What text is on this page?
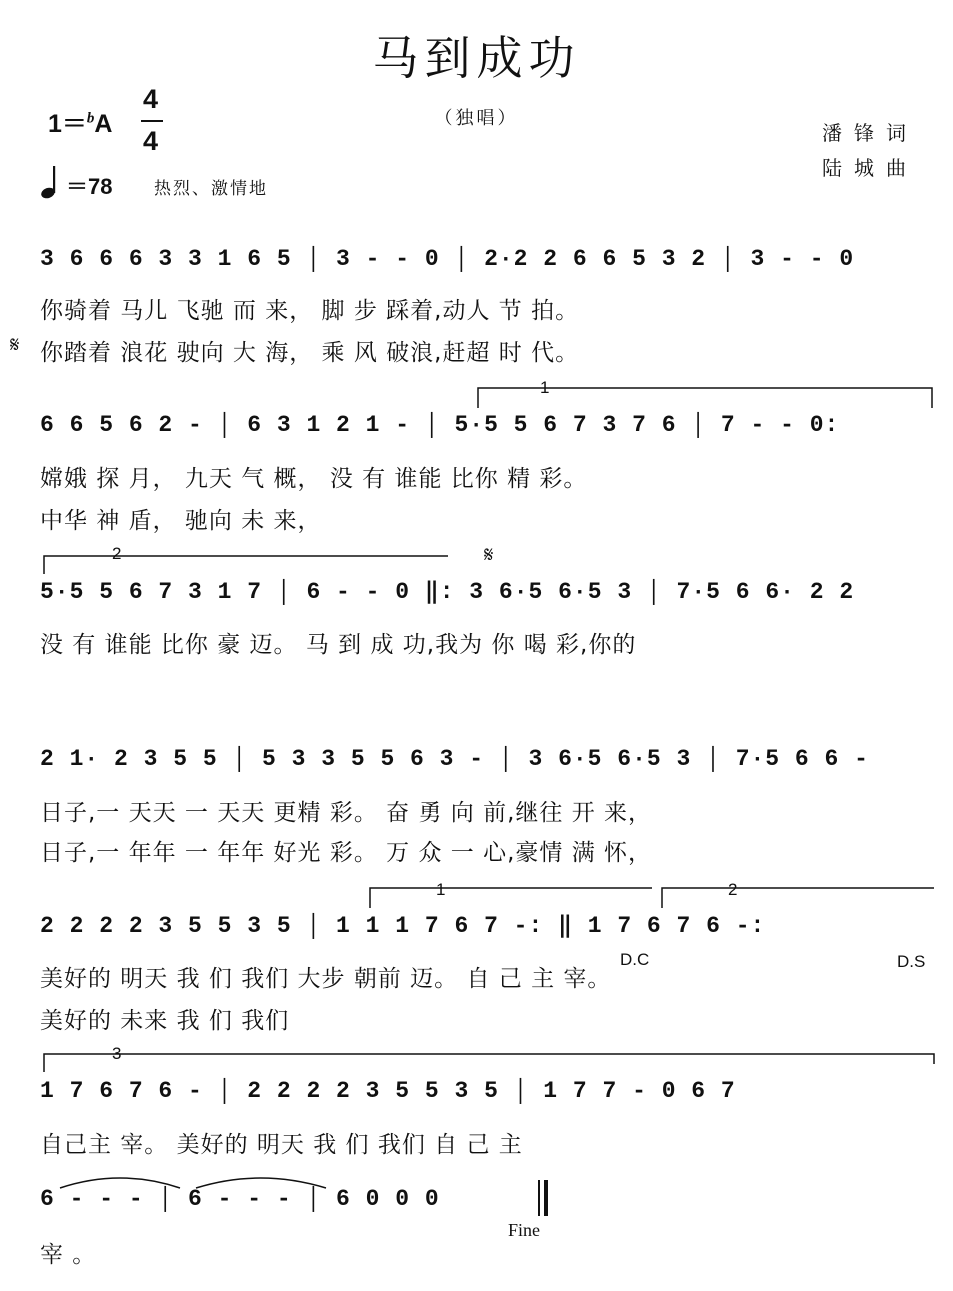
马到成功
1＝$^b$A
4
4
（独唱）
潘锋词
陆城曲
＝78 热烈、激情地
3 6 6 6 3 3 1 6 5 │ 3 - - 0 │ 2·2 2 6 6 5 3 2 │ 3 - - 0
你骑着 马儿 飞驰 而 来， 脚 步 踩着,动人 节 拍。
你踏着 浪花 驶向 大 海， 乘 风 破浪,赶超 时 代。
𝄋
6 6 5 6 2 - │ 6 3 1 2 1 - │ 5·5 5 6 7 3 7 6 │ 7 - - 0:
嫦娥 探 月， 九天 气 概， 没 有 谁能 比你 精 彩。
中华 神 盾， 驰向 未 来，
1
5·5 5 6 7 3 1 7 │ 6 - - 0 ‖: 3 6·5 6·5 3 │ 7·5 6 6· 2 2
没 有 谁能 比你 豪 迈。 马 到 成 功,我为 你 喝 彩,你的
2	𝄋
2 1· 2 3 5 5 │ 5 3 3 5 5 6 3 - │ 3 6·5 6·5 3 │ 7·5 6 6 -
日子,一 天天 一 天天 更精 彩。 奋 勇 向 前,继往 开 来，
日子,一 年年 一 年年 好光 彩。 万 众 一 心,豪情 满 怀，
2 2 2 2 3 5 5 3 5 │ 1 1 1 7 6 7 -: ‖ 1 7 6 7 6 -:
美好的 明天 我 们 我们 大步 朝前 迈。 自 己 主 宰。
美好的 未来 我 们 我们
1	2
D.C	D.S
1 7 6 7 6 - │ 2 2 2 2 3 5 5 3 5 │ 1 7 7 - 0 6 7
自己主 宰。 美好的 明天 我 们 我们 自 己 主
3
6 - - - │ 6 - - - │ 6 0 0 0
宰 。
Fine
